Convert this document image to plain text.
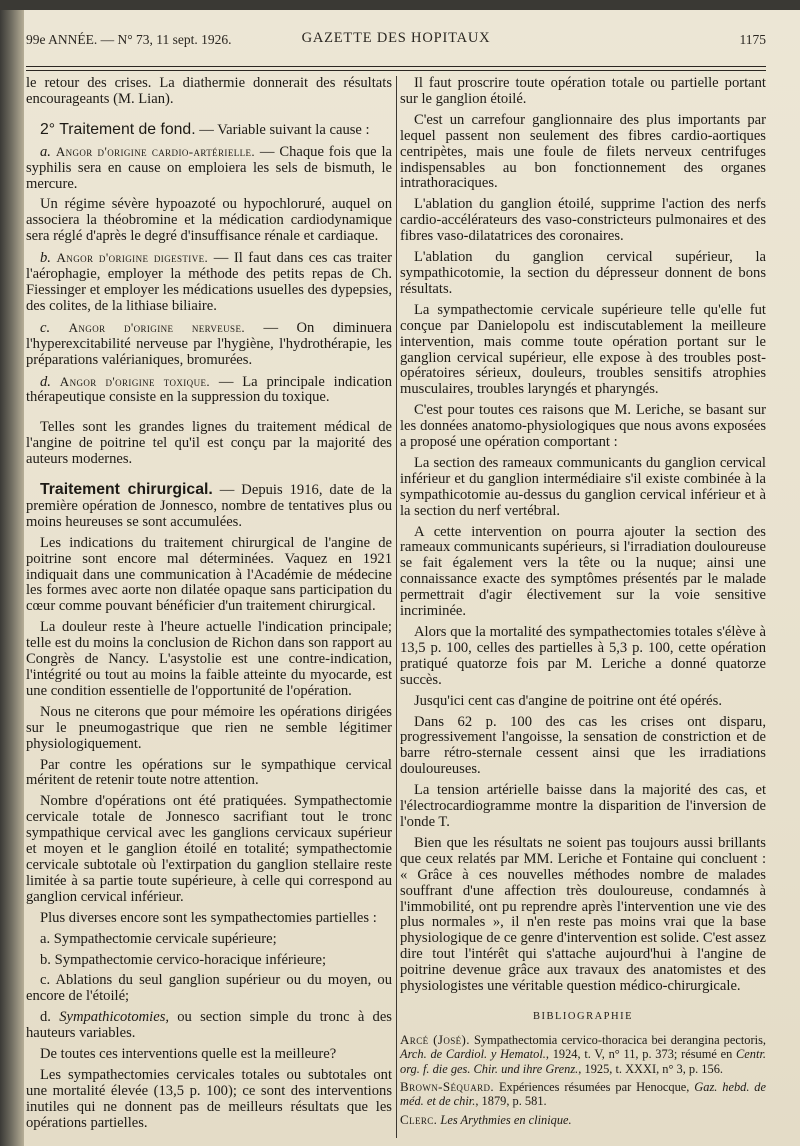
99e ANNÉE. — N° 73, 11 sept. 1926.	GAZETTE DES HOPITAUX	1175

le retour des crises. La diathermie donnerait des résultats encourageants (M. Lian).

2° Traitement de fond. — Variable suivant la cause :

a. Angor d'origine cardio-artérielle. — Chaque fois que la syphilis sera en cause on emploiera les sels de bismuth, le mercure.

Un régime sévère hypoazoté ou hypochloruré, auquel on associera la théobromine et la médication cardiodynamique sera réglé d'après le degré d'insuffisance rénale et cardiaque.

b. Angor d'origine digestive. — Il faut dans ces cas traiter l'aérophagie, employer la méthode des petits repas de Ch. Fiessinger et employer les médications usuelles des dypepsies, des colites, de la lithiase biliaire.

c. Angor d'origine nerveuse. — On diminuera l'hyperexcitabilité nerveuse par l'hygiène, l'hydrothérapie, les préparations valérianiques, bromurées.

d. Angor d'origine toxique. — La principale indication thérapeutique consiste en la suppression du toxique.

Telles sont les grandes lignes du traitement médical de l'angine de poitrine tel qu'il est conçu par la majorité des auteurs modernes.

Traitement chirurgical. — Depuis 1916, date de la première opération de Jonnesco, nombre de tentatives plus ou moins heureuses se sont accumulées.

Les indications du traitement chirurgical de l'angine de poitrine sont encore mal déterminées. Vaquez en 1921 indiquait dans une communication à l'Académie de médecine les formes avec aorte non dilatée opaque sans participation du cœur comme pouvant bénéficier d'un traitement chirurgical.

La douleur reste à l'heure actuelle l'indication principale; telle est du moins la conclusion de Richon dans son rapport au Congrès de Nancy. L'asystolie est une contre-indication, l'intégrité ou tout au moins la faible atteinte du myocarde, est une condition essentielle de l'opportunité de l'opération.

Nous ne citerons que pour mémoire les opérations dirigées sur le pneumogastrique que rien ne semble légitimer physiologiquement.

Par contre les opérations sur le sympathique cervical méritent de retenir toute notre attention.

Nombre d'opérations ont été pratiquées. Sympathectomie cervicale totale de Jonnesco sacrifiant tout le tronc sympathique cervical avec les ganglions cervicaux supérieur et moyen et le ganglion étoilé en totalité; sympathectomie cervicale subtotale où l'extirpation du ganglion stellaire reste limitée à sa partie toute supérieure, à celle qui correspond au ganglion cervical inférieur.

Plus diverses encore sont les sympathectomies partielles :

a. Sympathectomie cervicale supérieure;

b. Sympathectomie cervico-horacique inférieure;

c. Ablations du seul ganglion supérieur ou du moyen, ou encore de l'étoilé;

d. Sympathicotomies, ou section simple du tronc à des hauteurs variables.

De toutes ces interventions quelle est la meilleure?

Les sympathectomies cervicales totales ou subtotales ont une mortalité élevée (13,5 p. 100); ce sont des interventions inutiles qui ne donnent pas de meilleurs résultats que les opérations partielles.

Il faut proscrire toute opération totale ou partielle portant sur le ganglion étoilé.

C'est un carrefour ganglionnaire des plus importants par lequel passent non seulement des fibres cardio-aortiques centripètes, mais une foule de filets nerveux centrifuges indispensables au bon fonctionnement des organes intrathoraciques.

L'ablation du ganglion étoilé, supprime l'action des nerfs cardio-accélérateurs des vaso-constricteurs pulmonaires et des fibres vaso-dilatatrices des coronaires.

L'ablation du ganglion cervical supérieur, la sympathicotomie, la section du dépresseur donnent de bons résultats.

La sympathectomie cervicale supérieure telle qu'elle fut conçue par Danielopolu est indiscutablement la meilleure intervention, mais comme toute opération portant sur le ganglion cervical supérieur, elle expose à des troubles post-opératoires sérieux, douleurs, troubles sensitifs atrophies musculaires, troubles laryngés et pharyngés.

C'est pour toutes ces raisons que M. Leriche, se basant sur les données anatomo-physiologiques que nous avons exposées a proposé une opération comportant :

La section des rameaux communicants du ganglion cervical inférieur et du ganglion intermédiaire s'il existe combinée à la sympathicotomie au-dessus du ganglion cervical inférieur et à la section du nerf vertébral.

A cette intervention on pourra ajouter la section des rameaux communicants supérieurs, si l'irradiation douloureuse se fait également vers la tête ou la nuque; ainsi une connaissance exacte des symptômes présentés par le malade permettrait d'agir électivement sur la voie sensitive incriminée.

Alors que la mortalité des sympathectomies totales s'élève à 13,5 p. 100, celles des partielles à 5,3 p. 100, cette opération pratiqué quatorze fois par M. Leriche a donné quatorze succès.

Jusqu'ici cent cas d'angine de poitrine ont été opérés.

Dans 62 p. 100 des cas les crises ont disparu, progressivement l'angoisse, la sensation de constriction et de barre rétro-sternale cessent ainsi que les irradiations douloureuses.

La tension artérielle baisse dans la majorité des cas, et l'électrocardiogramme montre la disparition de l'inversion de l'onde T.

Bien que les résultats ne soient pas toujours aussi brillants que ceux relatés par MM. Leriche et Fontaine qui concluent : « Grâce à ces nouvelles méthodes nombre de malades souffrant d'une affection très douloureuse, condamnés à l'immobilité, ont pu reprendre après l'intervention une vie des plus normales », il n'en reste pas moins vrai que la base physiologique de ce genre d'intervention est solide. C'est assez dire tout l'intérêt qui s'attache aujourd'hui à l'angine de poitrine devenue grâce aux travaux des anatomistes et des physiologistes une véritable question médico-chirurgicale.

BIBLIOGRAPHIE

Arcé (José). Sympathectomia cervico-thoracica bei derangina pectoris, Arch. de Cardiol. y Hematol., 1924, t. V, n° 11, p. 373; résumé en Centr. org. f. die ges. Chir. und ihre Grenz., 1925, t. XXXI, n° 3, p. 156.

Brown-Séquard. Expériences résumées par Henocque, Gaz. hebd. de méd. et de chir., 1879, p. 581.

Clerc. Les Arythmies en clinique.
